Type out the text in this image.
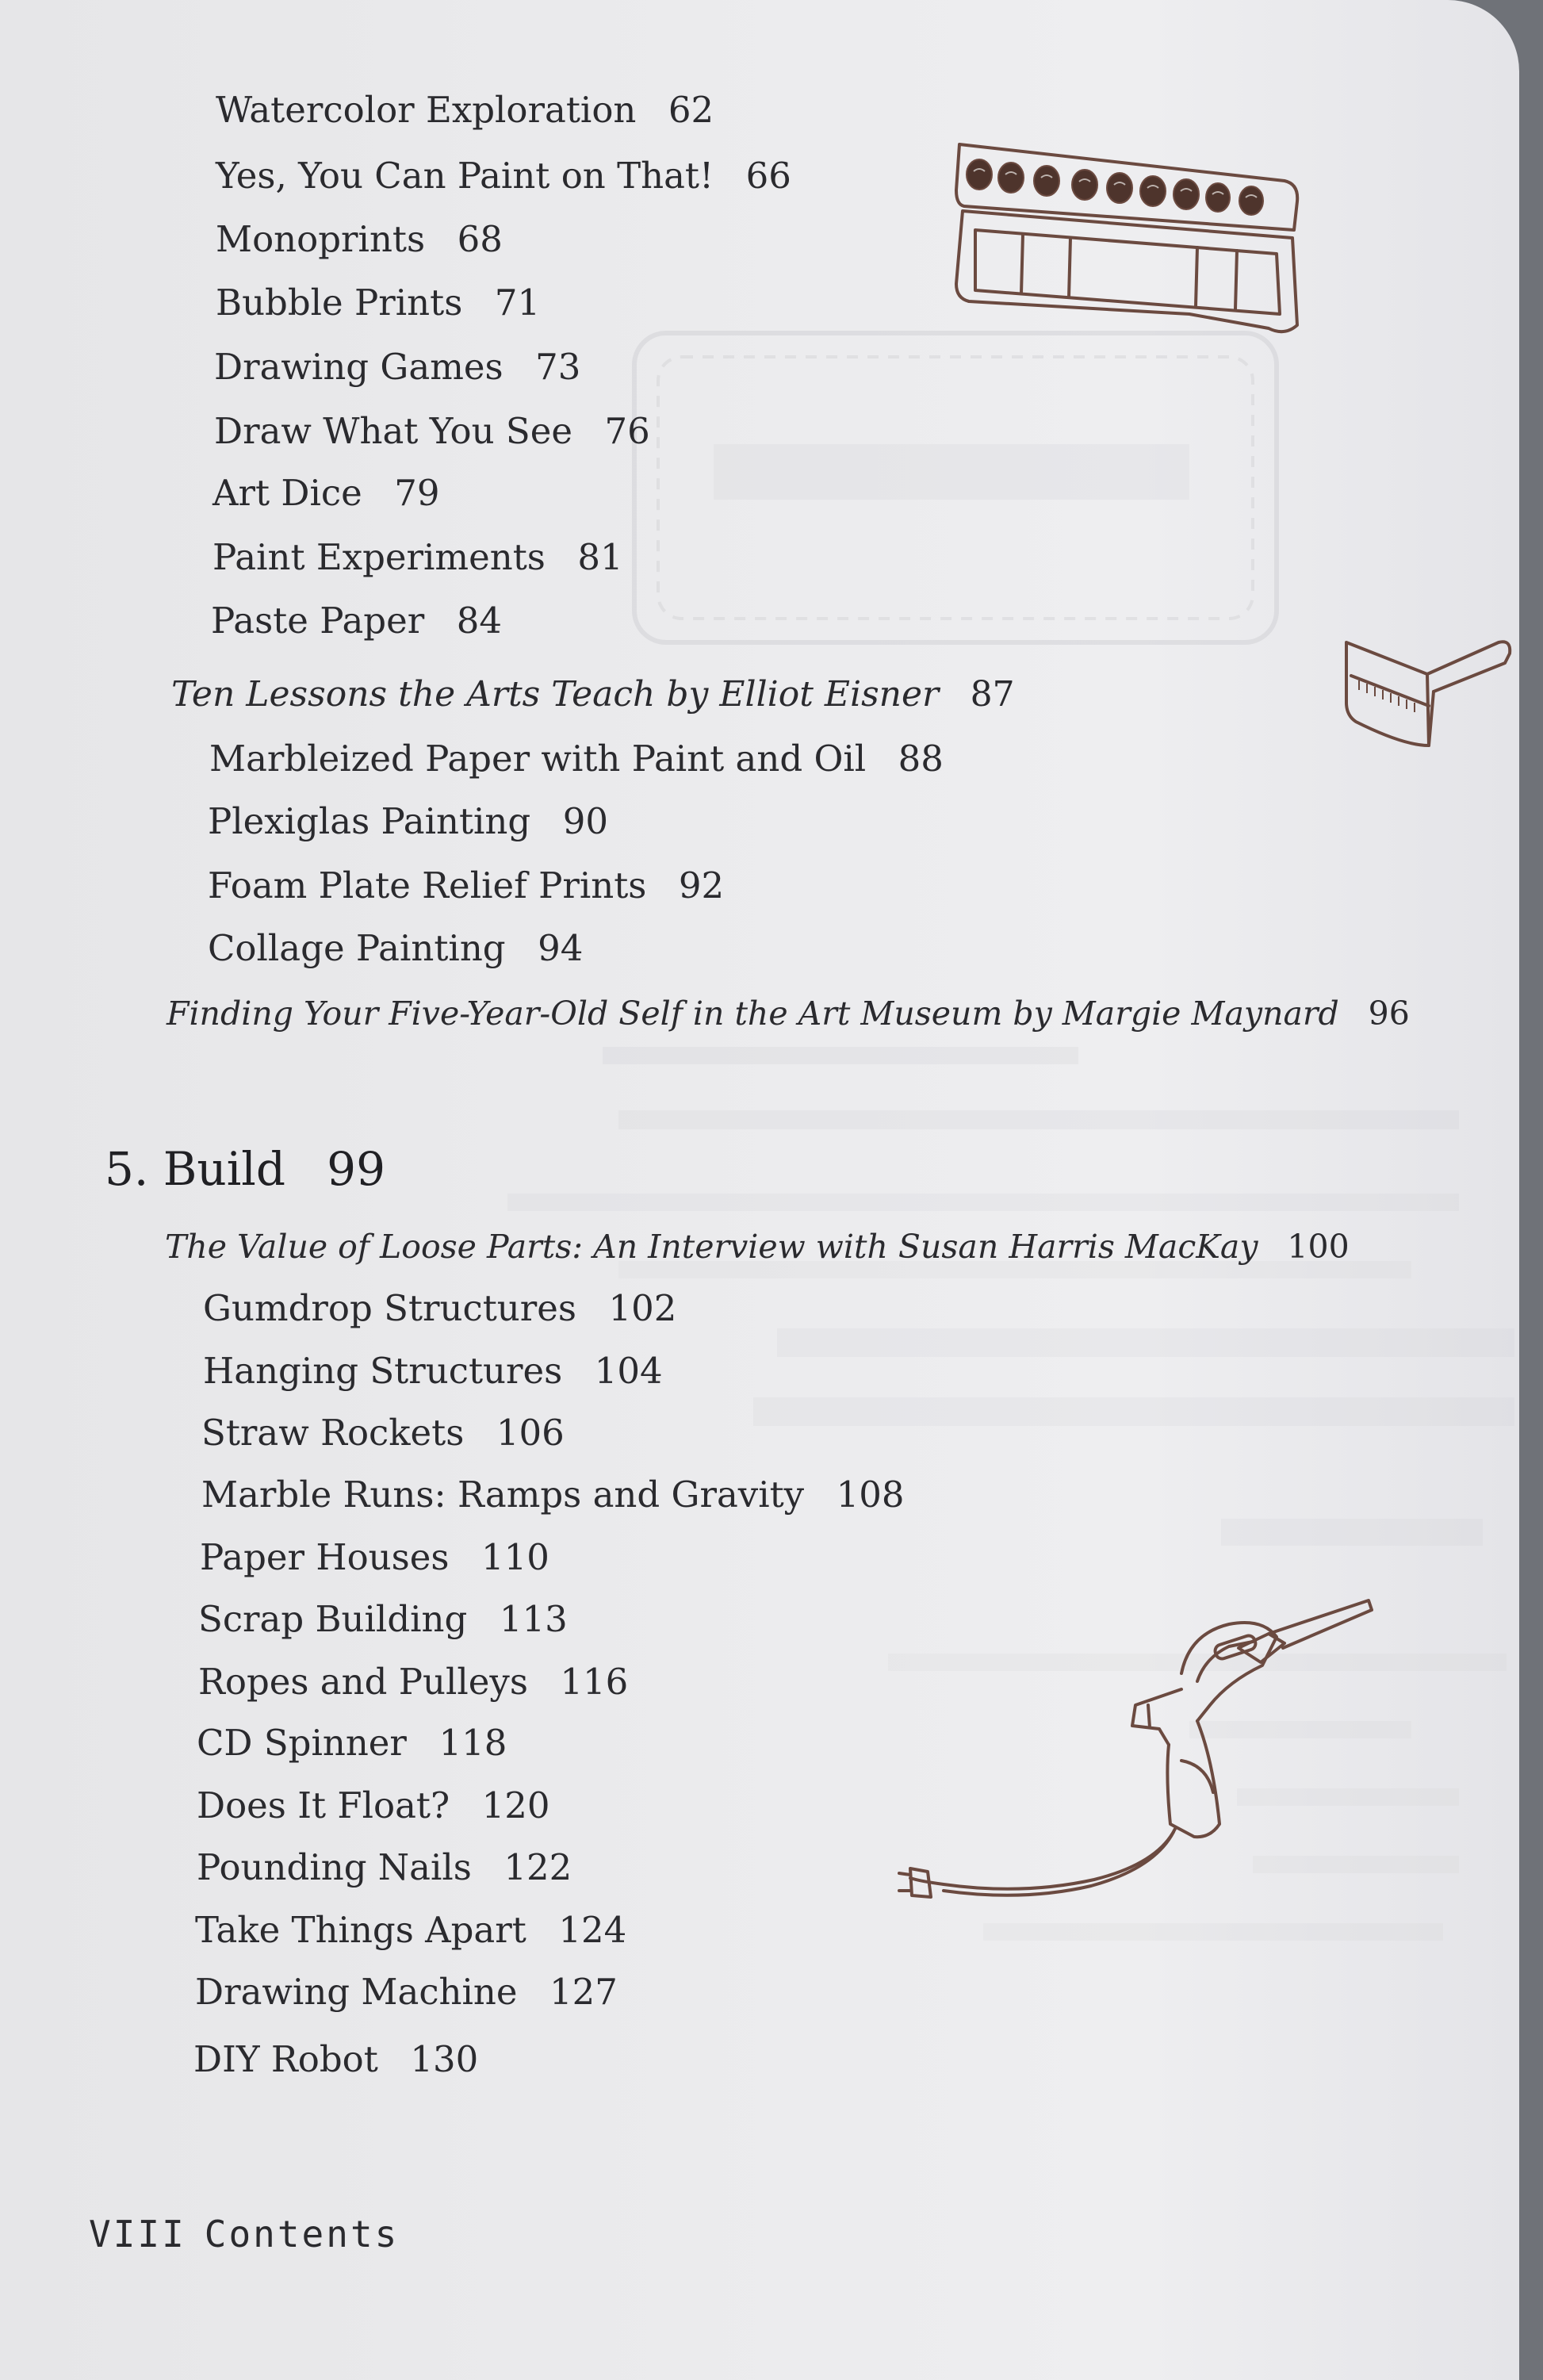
Watercolor Exploration 62
Yes, You Can Paint on That! 66
Monoprints 68
Bubble Prints 71
Drawing Games 73
Draw What You See 76
Art Dice 79
Paint Experiments 81
Paste Paper 84
Ten Lessons the Arts Teach by Elliot Eisner 87
Marbleized Paper with Paint and Oil 88
Plexiglas Painting 90
Foam Plate Relief Prints 92
Collage Painting 94
Finding Your Five-Year-Old Self in the Art Museum by Margie Maynard 96
5. Build 99
The Value of Loose Parts: An Interview with Susan Harris MacKay 100
Gumdrop Structures 102
Hanging Structures 104
Straw Rockets 106
Marble Runs: Ramps and Gravity 108
Paper Houses 110
Scrap Building 113
Ropes and Pulleys 116
CD Spinner 118
Does It Float? 120
Pounding Nails 122
Take Things Apart 124
Drawing Machine 127
DIY Robot 130
VIII Contents
